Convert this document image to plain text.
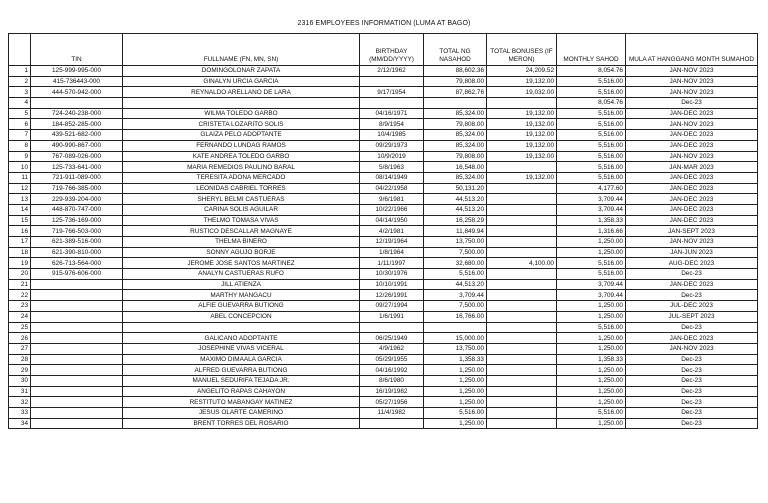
2316 EMPLOYEES INFORMATION (LUMA AT BAGO)
	TIN	FULLNAME (FN, MN, SN)	BIRTHDAY (MM/DD/YYYY)	TOTAL NG NASAHOD	TOTAL BONUSES (IF MERON)	MONTHLY SAHOD	MULA AT HANGGANG MONTH SUMAHOD
1	125-999-995-000	DOMINGOLONAR ZAPATA	2/12/1962	88,602.36	24,209.52	8,054.76	JAN-NOV 2023
2	415-736443-000	GINALYN URCIA GARCIA		79,808.00	19,132.00	5,516.00	JAN-NOV 2023
3	444-570-942-000	REYNALDO ARELLANO DE LARA	9/17/1954	87,862.76	19,032.00	5,516.00	JAN-NOV 2023
4						8,054.76	Dec-23
5	724-240-238-000	WILMA TOLEDO GARBO	04/16/1971	85,324.00	19,132.00	5,516.00	JAN-DEC 2023
6	184-852-285-000	CRISTETA LOZARITO SOLIS	8/9/1954	79,808.00	19,132.00	5,516.00	JAN-NOV 2023
7	439-521-682-000	GLAIZA PELO ADOPTANTE	10/4/1985	85,324.00	19,132.00	5,516.00	JAN-DEC 2023
8	490-990-867-000	FERNANDO LUNDAG RAMOS	09/29/1973	85,324.00	19,132.00	5,516.00	JAN-DEC 2023
9	767-089-026-000	KATE ANDREA TOLEDO GARBO	10/9/2019	79,808.00	19,132.00	5,516.00	JAN-NOV 2023
10	125-733-641-000	MARIA REMEDIOS PAULINO BARAL	5/8/1963	16,548.00		5,516.00	JAN-MAR 2023
11	721-911-089-000	TERESITA ADONA MERCADO	08/14/1949	85,324.00	19,132.00	5,516.00	JAN-DEC 2023
12	719-766-385-000	LEONIDAS CABRIEL TORRES	04/22/1958	50,131.20		4,177.60	JAN-DEC 2023
13	229-939-204-000	SHERYL BELMI CASTUERAS	9/6/1981	44,513.20		3,709.44	JAN-DEC 2023
14	448-870-747-000	CARINA SOLIS AGUILAR	10/22/1966	44,513.20		3,709.44	JAN-DEC 2023
15	125-736-169-000	THELMO TOMASA VIVAS	04/14/1950	16,258.29		1,358.33	JAN-DEC 2023
16	719-766-503-000	RUSTICO DESCALLAR MAGNAYE	4/2/1981	11,849.94		1,316.66	JAN-SEPT 2023
17	621-389-516-000	THELMA BINERO	12/19/1964	13,750.00		1,250.00	JAN-NOV 2023
18	621-390-810-000	SONNY AGUJO BORJE	1/8/1964	7,500.00		1,250.00	JAN-JUN 2023
19	626-713-564-000	JEROME JOSE SANTOS MARTINEZ	1/11/1997	32,680.00	4,100.00	5,516.00	AUG-DEC 2023
20	915-976-606-000	ANALYN CASTUERAS RUFO	10/30/1976	5,516.00		5,516.00	Dec-23
21		JILL ATIENZA	10/10/1991	44,513.20		3,709.44	JAN-DEC 2023
22		MARTHY MANGACU	12/26/1991	3,709.44		3,709.44	Dec-23
23		ALFIE GUEVARRA BUTIONG	09/27/1994	7,500.00		1,250.00	JUL-DEC 2023
24		ABEL CONCEPCION	1/6/1991	16,766.00		1,250.00	JUL-SEPT 2023
25						5,516.00	Dec-23
26		GALICANO ADOPTANTE	06/25/1949	15,000.00		1,250.00	JAN-DEC 2023
27		JOSEPHINE VIVAS VICERAL	4/9/1962	13,750.00		1,250.00	JAN-NOV 2023
28		MAXIMO DIMAALA GARCIA	05/29/1955	1,358.33		1,358.33	Dec-23
29		ALFRED GUEVARRA BUTIONG	04/16/1992	1,250.00		1,250.00	Dec-23
30		MANUEL SEDURIFA TEJADA JR.	8/6/1980	1,250.00		1,250.00	Dec-23
31		ANGELITO RAPAS CAHAYON	16/19/1982	1,250.00		1,250.00	Dec-23
32		RESTITUTO MABANGAY MATINEZ	05/27/1956	1,250.00		1,250.00	Dec-23
33		JESUS OLARTE CAMERINO	11/4/1982	5,516.00		5,516.00	Dec-23
34		BRENT TORRES DEL ROSARIO		1,250.00		1,250.00	Dec-23
